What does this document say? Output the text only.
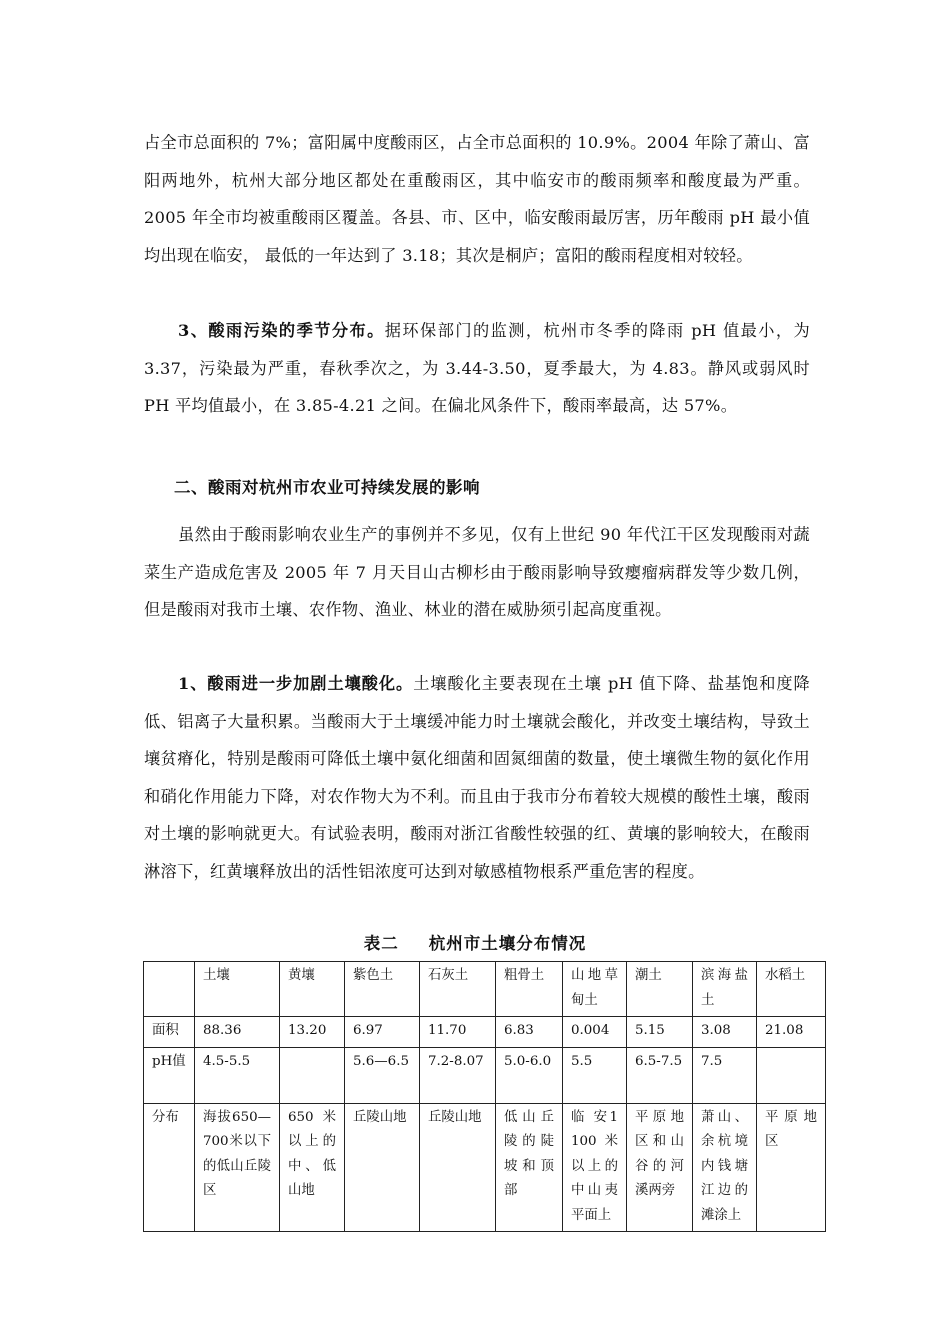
占全市总面积的 7%；富阳属中度酸雨区，占全市总面积的 10.9%。2004 年除了萧山、富阳两地外，杭州大部分地区都处在重酸雨区，其中临安市的酸雨频率和酸度最为严重。2005 年全市均被重酸雨区覆盖。各县、市、区中，临安酸雨最厉害，历年酸雨 pH 最小值均出现在临安， 最低的一年达到了 3.18；其次是桐庐；富阳的酸雨程度相对较轻。

3、酸雨污染的季节分布。据环保部门的监测，杭州市冬季的降雨 pH 值最小，为 3.37，污染最为严重，春秋季次之，为 3.44-3.50，夏季最大，为 4.83。静风或弱风时 PH 平均值最小，在 3.85-4.21 之间。在偏北风条件下，酸雨率最高，达 57%。

二、酸雨对杭州市农业可持续发展的影响

虽然由于酸雨影响农业生产的事例并不多见，仅有上世纪 90 年代江干区发现酸雨对蔬菜生产造成危害及 2005 年 7 月天目山古柳杉由于酸雨影响导致瘿瘤病群发等少数几例，但是酸雨对我市土壤、农作物、渔业、林业的潜在威胁须引起高度重视。

1、酸雨进一步加剧土壤酸化。土壤酸化主要表现在土壤 pH 值下降、盐基饱和度降低、铝离子大量积累。当酸雨大于土壤缓冲能力时土壤就会酸化，并改变土壤结构，导致土壤贫瘠化，特别是酸雨可降低土壤中氨化细菌和固氮细菌的数量，使土壤微生物的氨化作用和硝化作用能力下降，对农作物大为不利。而且由于我市分布着较大规模的酸性土壤，酸雨对土壤的影响就更大。有试验表明，酸雨对浙江省酸性较强的红、黄壤的影响较大，在酸雨淋溶下，红黄壤释放出的活性铝浓度可达到对敏感植物根系严重危害的程度。

表二 杭州市土壤分布情况
	土壤	黄壤	紫色土	石灰土	粗骨土	山地草甸土	潮土	滨海盐土	水稻土
面积	88.36	13.20	6.97	11.70	6.83	0.004	5.15	3.08	21.08
pH值	4.5-5.5		5.6—6.5	7.2-8.07	5.0-6.0	5.5	6.5-7.5	7.5	
分布	海拔650—700米以下的低山丘陵区	650 米以上的中、低山地	丘陵山地	丘陵山地	低山丘陵的陡坡和顶部	临 安1100米以上的中山夷平面上	平原地区和山谷的河溪两旁	萧山、余杭境内钱塘江边的滩涂上	平原地区
